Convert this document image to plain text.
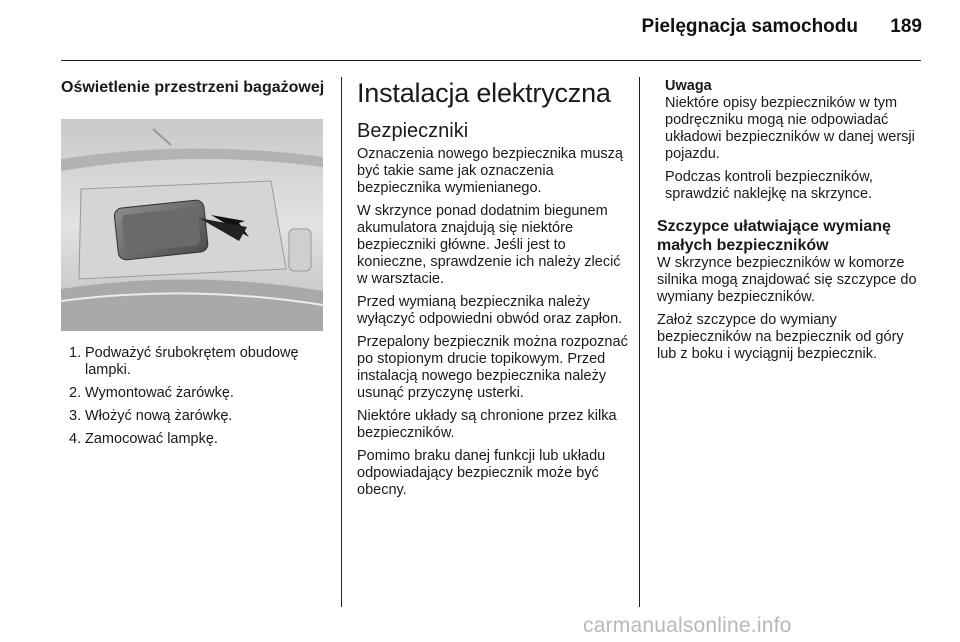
Pielęgnacja samochodu 189
Oświetlenie przestrzeni bagażowej
1. Podważyć śrubokrętem obudowę lampki.
2. Wymontować żarówkę.
3. Włożyć nową żarówkę.
4. Zamocować lampkę.
Instalacja elektryczna
Bezpieczniki

Oznaczenia nowego bezpiecznika muszą być takie same jak oznaczenia bezpiecznika wymienianego.

W skrzynce ponad dodatnim biegunem akumulatora znajdują się niektóre bezpieczniki główne. Jeśli jest to konieczne, sprawdzenie ich należy zlecić w warsztacie.

Przed wymianą bezpiecznika należy wyłączyć odpowiedni obwód oraz zapłon.

Przepalony bezpiecznik można rozpoznać po stopionym drucie topikowym. Przed instalacją nowego bezpiecznika należy usunąć przyczynę usterki.

Niektóre układy są chronione przez kilka bezpieczników.

Pomimo braku danej funkcji lub układu odpowiadający bezpiecznik może być obecny.

Uwaga

Niektóre opisy bezpieczników w tym podręczniku mogą nie odpowiadać układowi bezpieczników w danej wersji pojazdu.

Podczas kontroli bezpieczników, sprawdzić naklejkę na skrzynce.

Szczypce ułatwiające wymianę małych bezpieczników

W skrzynce bezpieczników w komorze silnika mogą znajdować się szczypce do wymiany bezpieczników.

Założ szczypce do wymiany bezpieczników na bezpiecznik od góry lub z boku i wyciągnij bezpiecznik.

carmanualsonline.info
